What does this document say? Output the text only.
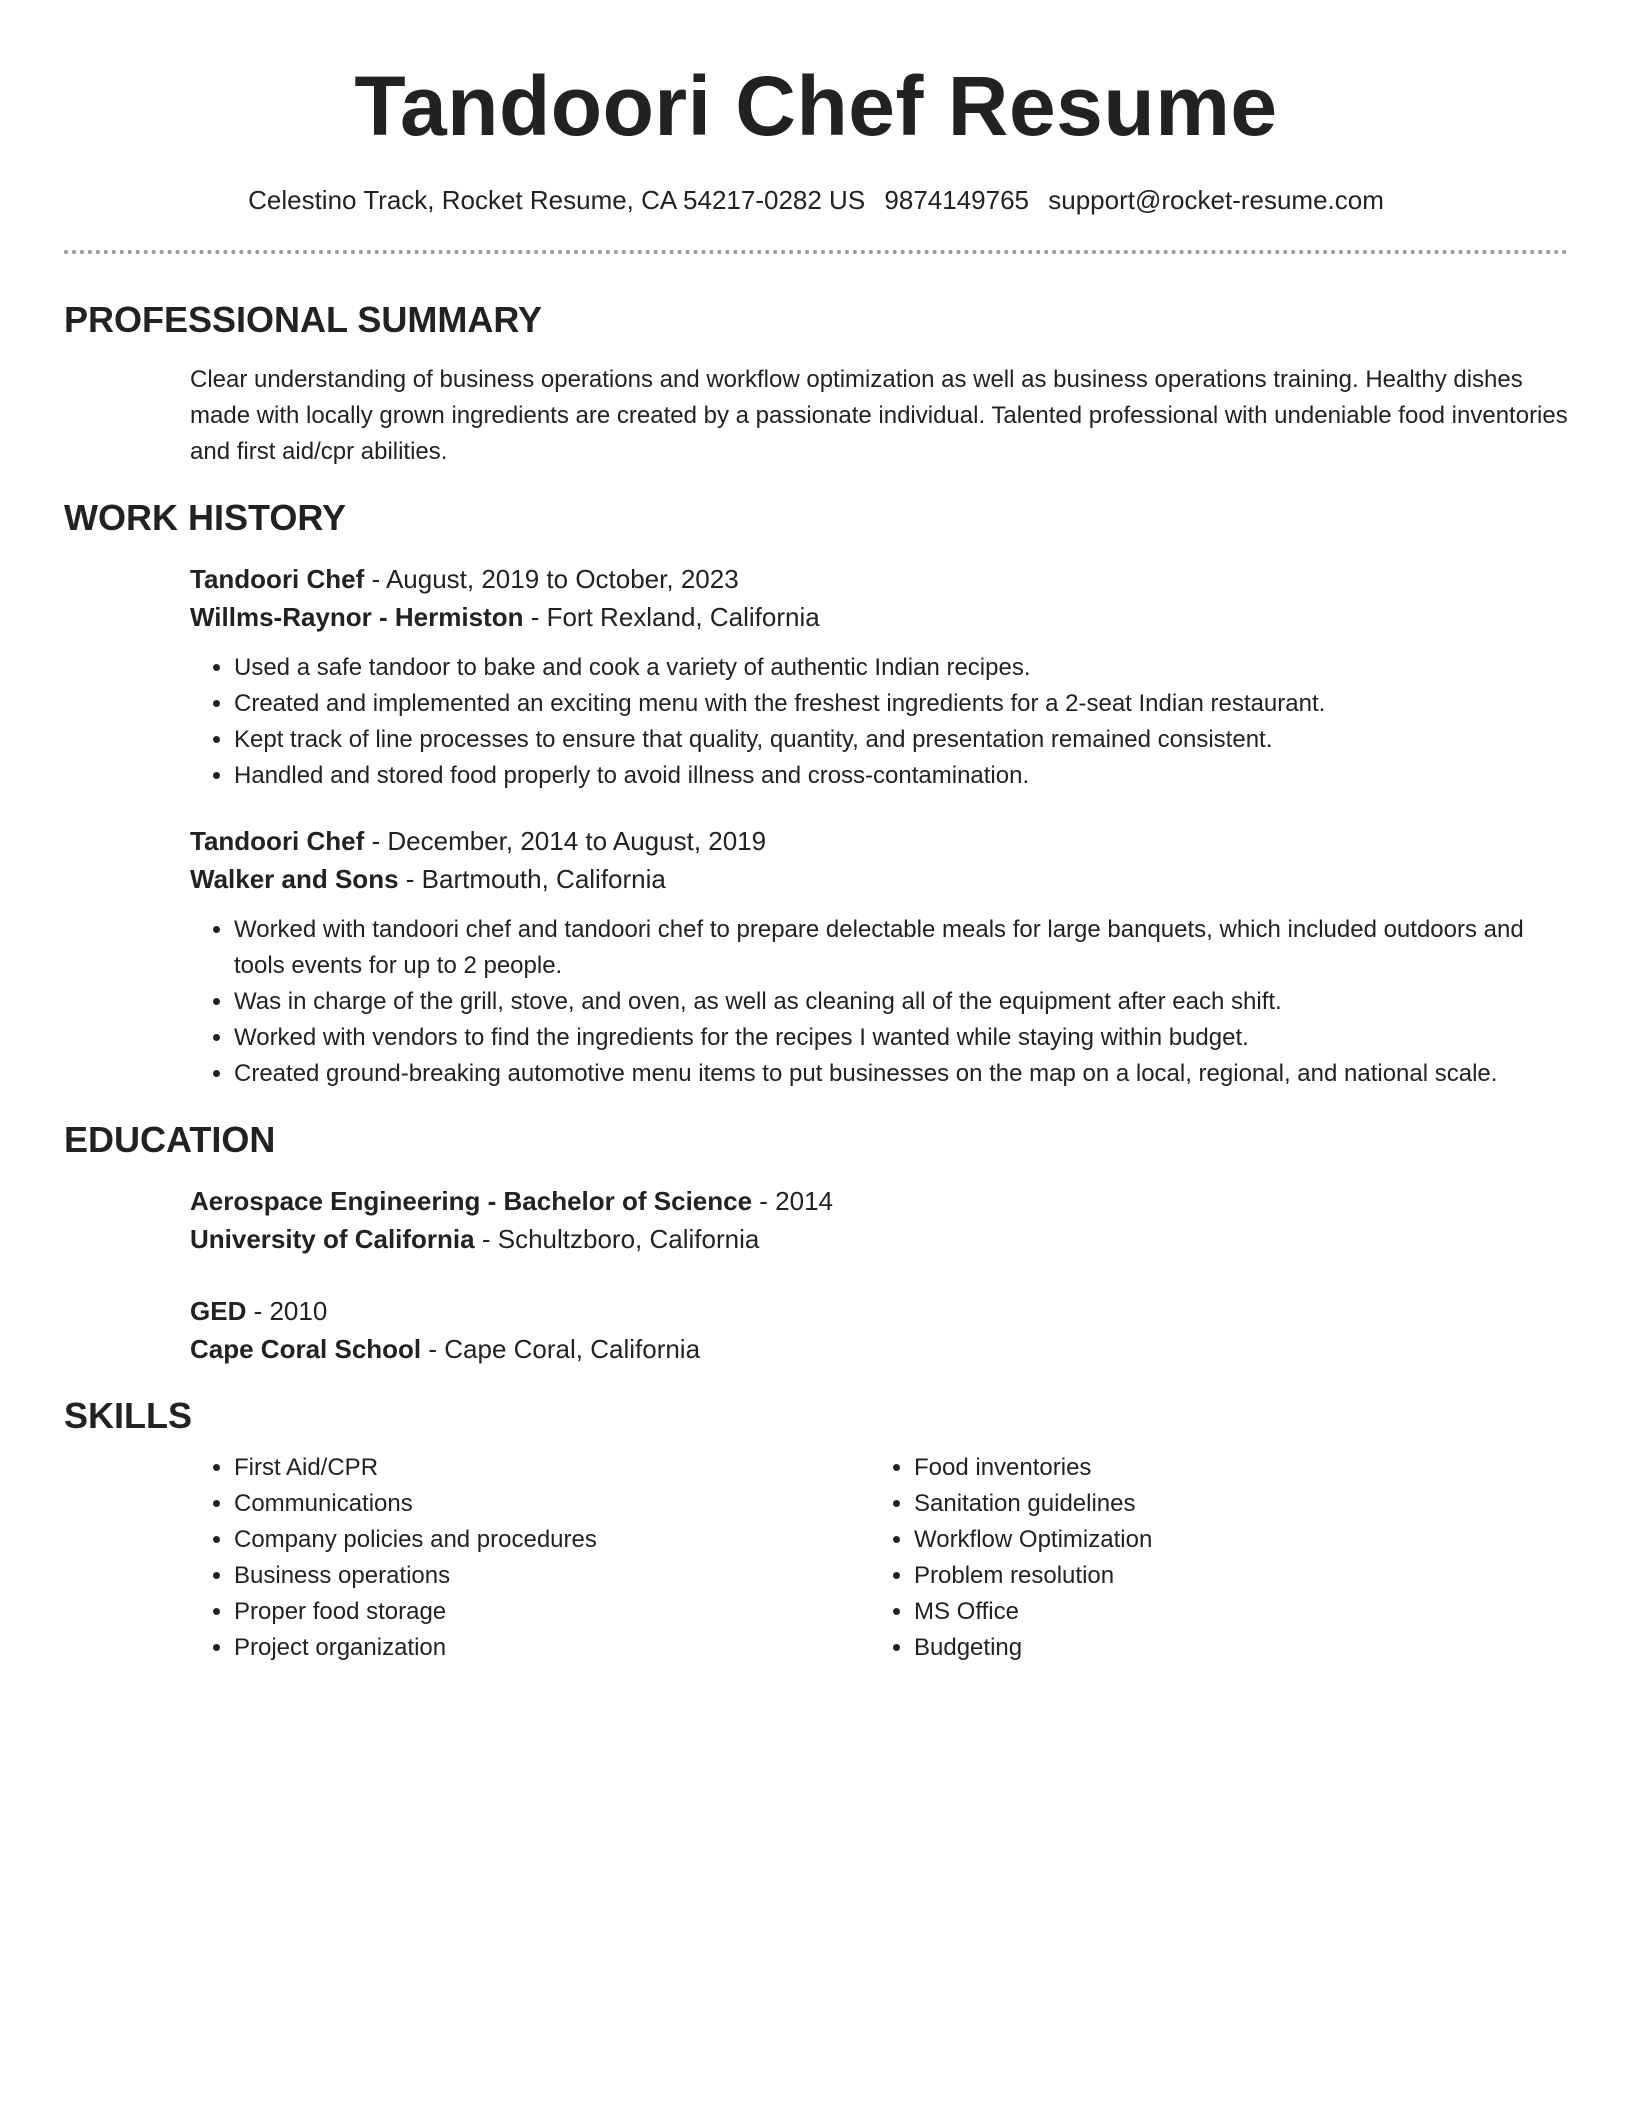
Tandoori Chef Resume
Celestino Track, Rocket Resume, CA 54217-0282 US 9874149765 support@rocket-resume.com
PROFESSIONAL SUMMARY
Clear understanding of business operations and workflow optimization as well as business operations training. Healthy dishes made with locally grown ingredients are created by a passionate individual. Talented professional with undeniable food inventories and first aid/cpr abilities.
WORK HISTORY
Tandoori Chef - August, 2019 to October, 2023
Willms-Raynor - Hermiston - Fort Rexland, California
• Used a safe tandoor to bake and cook a variety of authentic Indian recipes.
• Created and implemented an exciting menu with the freshest ingredients for a 2-seat Indian restaurant.
• Kept track of line processes to ensure that quality, quantity, and presentation remained consistent.
• Handled and stored food properly to avoid illness and cross-contamination.
Tandoori Chef - December, 2014 to August, 2019
Walker and Sons - Bartmouth, California
• Worked with tandoori chef and tandoori chef to prepare delectable meals for large banquets, which included outdoors and tools events for up to 2 people.
• Was in charge of the grill, stove, and oven, as well as cleaning all of the equipment after each shift.
• Worked with vendors to find the ingredients for the recipes I wanted while staying within budget.
• Created ground-breaking automotive menu items to put businesses on the map on a local, regional, and national scale.
EDUCATION
Aerospace Engineering - Bachelor of Science - 2014
University of California - Schultzboro, California
GED - 2010
Cape Coral School - Cape Coral, California
SKILLS
• First Aid/CPR
• Communications
• Company policies and procedures
• Business operations
• Proper food storage
• Project organization
• Food inventories
• Sanitation guidelines
• Workflow Optimization
• Problem resolution
• MS Office
• Budgeting
